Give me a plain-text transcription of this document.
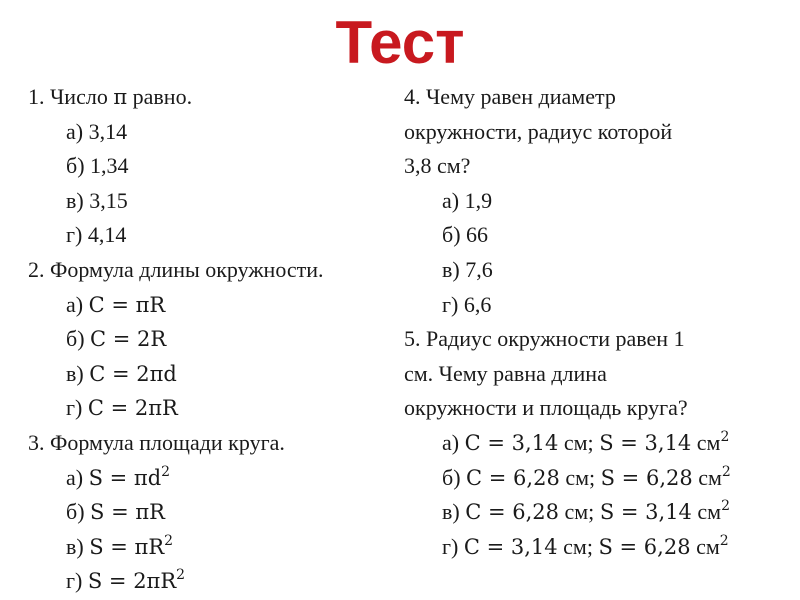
Тест
1. Число π равно.
а) 3,14
б) 1,34
в) 3,15
г) 4,14
2. Формула длины окружности.
а) C = πR
б) C = 2R
в) C = 2πd
г) C = 2πR
3. Формула площади круга.
а) $S = \pi d^2$
б) S = πR
в) $S = \pi R^2$
г) $S = 2\pi R^2$
4. Чему равен диаметр
окружности, радиус которой
3,8 см?
а) 1,9
б) 66
в) 7,6
г) 6,6
5. Радиус окружности равен 1
см. Чему равна длина
окружности и площадь круга?
а) C = 3,14 см; S = 3,14 $см^2$
б) C = 6,28 см; S = 6,28 $см^2$
в) C = 6,28 см; S = 3,14 $см^2$
г) C = 3,14 см; S = 6,28 $см^2$
